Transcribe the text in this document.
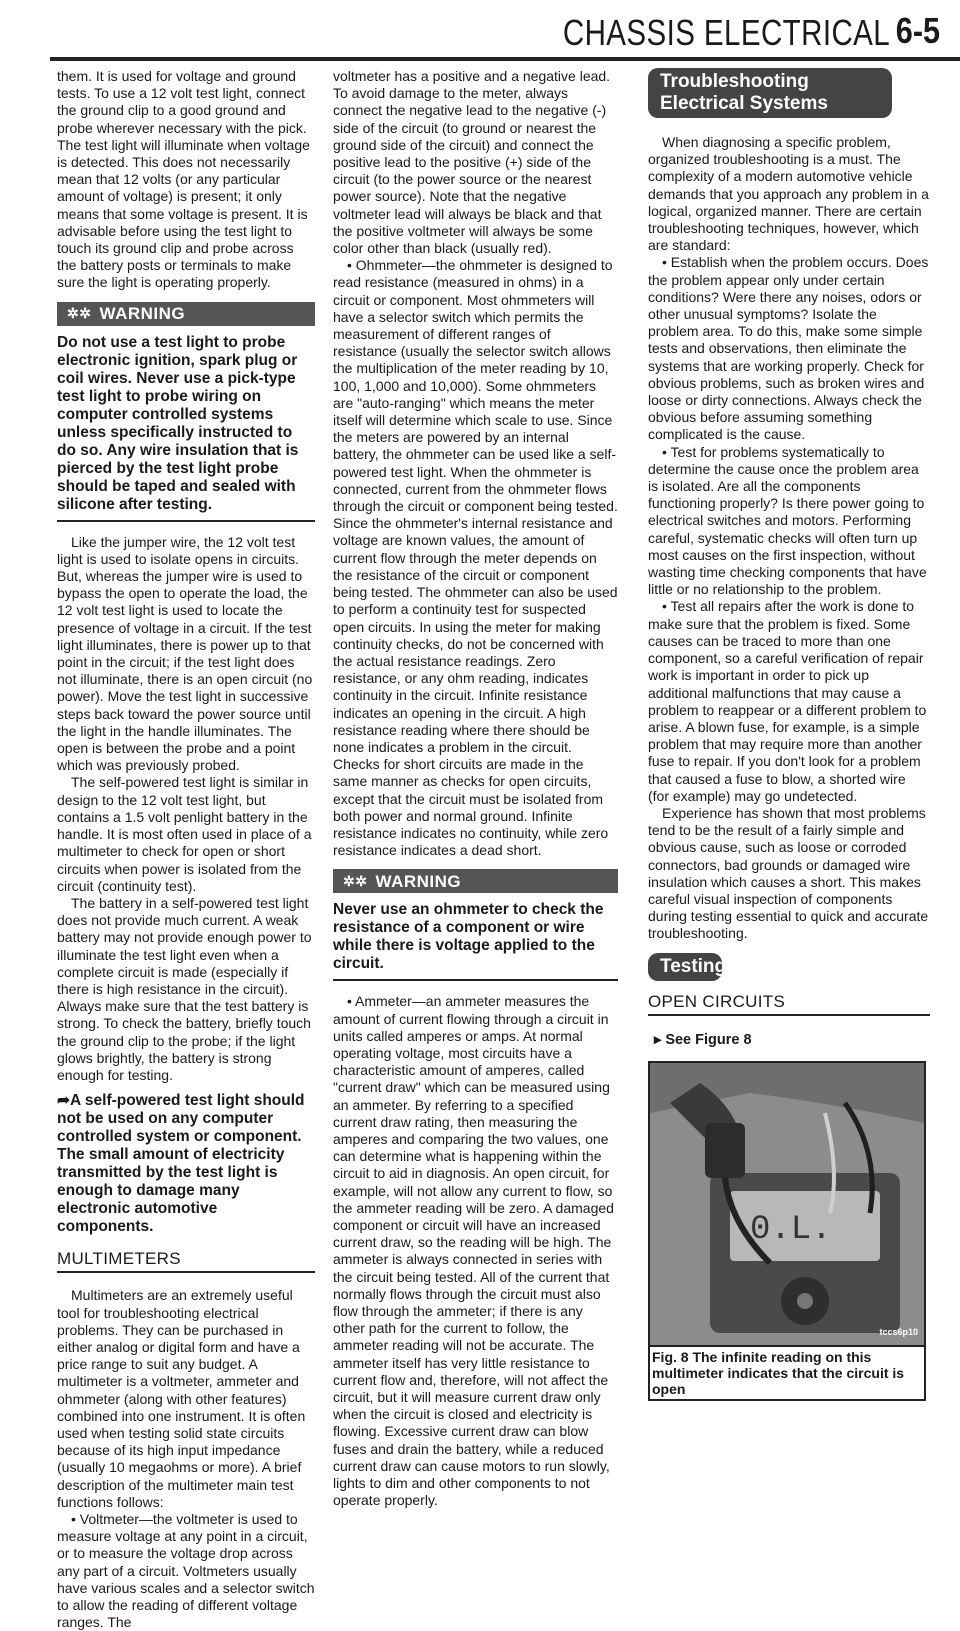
CHASSIS ELECTRICAL 6-5

them. It is used for voltage and ground tests. To use a 12 volt test light, connect the ground clip to a good ground and probe wherever necessary with the pick. The test light will illuminate when voltage is detected. This does not necessarily mean that 12 volts (or any particular amount of voltage) is present; it only means that some voltage is present. It is advisable before using the test light to touch its ground clip and probe across the battery posts or terminals to make sure the light is operating properly.

✲✲ WARNING

Do not use a test light to probe electronic ignition, spark plug or coil wires. Never use a pick-type test light to probe wiring on computer controlled systems unless specifically instructed to do so. Any wire insulation that is pierced by the test light probe should be taped and sealed with silicone after testing.

Like the jumper wire, the 12 volt test light is used to isolate opens in circuits. But, whereas the jumper wire is used to bypass the open to operate the load, the 12 volt test light is used to locate the presence of voltage in a circuit. If the test light illuminates, there is power up to that point in the circuit; if the test light does not illuminate, there is an open circuit (no power). Move the test light in successive steps back toward the power source until the light in the handle illuminates. The open is between the probe and a point which was previously probed.

The self-powered test light is similar in design to the 12 volt test light, but contains a 1.5 volt penlight battery in the handle. It is most often used in place of a multimeter to check for open or short circuits when power is isolated from the circuit (continuity test).

The battery in a self-powered test light does not provide much current. A weak battery may not provide enough power to illuminate the test light even when a complete circuit is made (especially if there is high resistance in the circuit). Always make sure that the test battery is strong. To check the battery, briefly touch the ground clip to the probe; if the light glows brightly, the battery is strong enough for testing.

➦A self-powered test light should not be used on any computer controlled system or component. The small amount of electricity transmitted by the test light is enough to damage many electronic automotive components.

MULTIMETERS

Multimeters are an extremely useful tool for troubleshooting electrical problems. They can be purchased in either analog or digital form and have a price range to suit any budget. A multimeter is a voltmeter, ammeter and ohmmeter (along with other features) combined into one instrument. It is often used when testing solid state circuits because of its high input impedance (usually 10 megaohms or more). A brief description of the multimeter main test functions follows:

• Voltmeter—the voltmeter is used to measure voltage at any point in a circuit, or to measure the voltage drop across any part of a circuit. Voltmeters usually have various scales and a selector switch to allow the reading of different voltage ranges. The

voltmeter has a positive and a negative lead. To avoid damage to the meter, always connect the negative lead to the negative (-) side of the circuit (to ground or nearest the ground side of the circuit) and connect the positive lead to the positive (+) side of the circuit (to the power source or the nearest power source). Note that the negative voltmeter lead will always be black and that the positive voltmeter will always be some color other than black (usually red).

• Ohmmeter—the ohmmeter is designed to read resistance (measured in ohms) in a circuit or component. Most ohmmeters will have a selector switch which permits the measurement of different ranges of resistance (usually the selector switch allows the multiplication of the meter reading by 10, 100, 1,000 and 10,000). Some ohmmeters are "auto-ranging" which means the meter itself will determine which scale to use. Since the meters are powered by an internal battery, the ohmmeter can be used like a self-powered test light. When the ohmmeter is connected, current from the ohmmeter flows through the circuit or component being tested. Since the ohmmeter's internal resistance and voltage are known values, the amount of current flow through the meter depends on the resistance of the circuit or component being tested. The ohmmeter can also be used to perform a continuity test for suspected open circuits. In using the meter for making continuity checks, do not be concerned with the actual resistance readings. Zero resistance, or any ohm reading, indicates continuity in the circuit. Infinite resistance indicates an opening in the circuit. A high resistance reading where there should be none indicates a problem in the circuit. Checks for short circuits are made in the same manner as checks for open circuits, except that the circuit must be isolated from both power and normal ground. Infinite resistance indicates no continuity, while zero resistance indicates a dead short.

✲✲ WARNING

Never use an ohmmeter to check the resistance of a component or wire while there is voltage applied to the circuit.

• Ammeter—an ammeter measures the amount of current flowing through a circuit in units called amperes or amps. At normal operating voltage, most circuits have a characteristic amount of amperes, called "current draw" which can be measured using an ammeter. By referring to a specified current draw rating, then measuring the amperes and comparing the two values, one can determine what is happening within the circuit to aid in diagnosis. An open circuit, for example, will not allow any current to flow, so the ammeter reading will be zero. A damaged component or circuit will have an increased current draw, so the reading will be high. The ammeter is always connected in series with the circuit being tested. All of the current that normally flows through the circuit must also flow through the ammeter; if there is any other path for the current to follow, the ammeter reading will not be accurate. The ammeter itself has very little resistance to current flow and, therefore, will not affect the circuit, but it will measure current draw only when the circuit is closed and electricity is flowing. Excessive current draw can blow fuses and drain the battery, while a reduced current draw can cause motors to run slowly, lights to dim and other components to not operate properly.

Troubleshooting Electrical Systems

When diagnosing a specific problem, organized troubleshooting is a must. The complexity of a modern automotive vehicle demands that you approach any problem in a logical, organized manner. There are certain troubleshooting techniques, however, which are standard:

• Establish when the problem occurs. Does the problem appear only under certain conditions? Were there any noises, odors or other unusual symptoms? Isolate the problem area. To do this, make some simple tests and observations, then eliminate the systems that are working properly. Check for obvious problems, such as broken wires and loose or dirty connections. Always check the obvious before assuming something complicated is the cause.

• Test for problems systematically to determine the cause once the problem area is isolated. Are all the components functioning properly? Is there power going to electrical switches and motors. Performing careful, systematic checks will often turn up most causes on the first inspection, without wasting time checking components that have little or no relationship to the problem.

• Test all repairs after the work is done to make sure that the problem is fixed. Some causes can be traced to more than one component, so a careful verification of repair work is important in order to pick up additional malfunctions that may cause a problem to reappear or a different problem to arise. A blown fuse, for example, is a simple problem that may require more than another fuse to repair. If you don't look for a problem that caused a fuse to blow, a shorted wire (for example) may go undetected.

Experience has shown that most problems tend to be the result of a fairly simple and obvious cause, such as loose or corroded connectors, bad grounds or damaged wire insulation which causes a short. This makes careful visual inspection of components during testing essential to quick and accurate troubleshooting.

Testing
OPEN CIRCUITS
▸ See Figure 8
0.L.
tccs6p10
Fig. 8 The infinite reading on this multimeter indicates that the circuit is open
